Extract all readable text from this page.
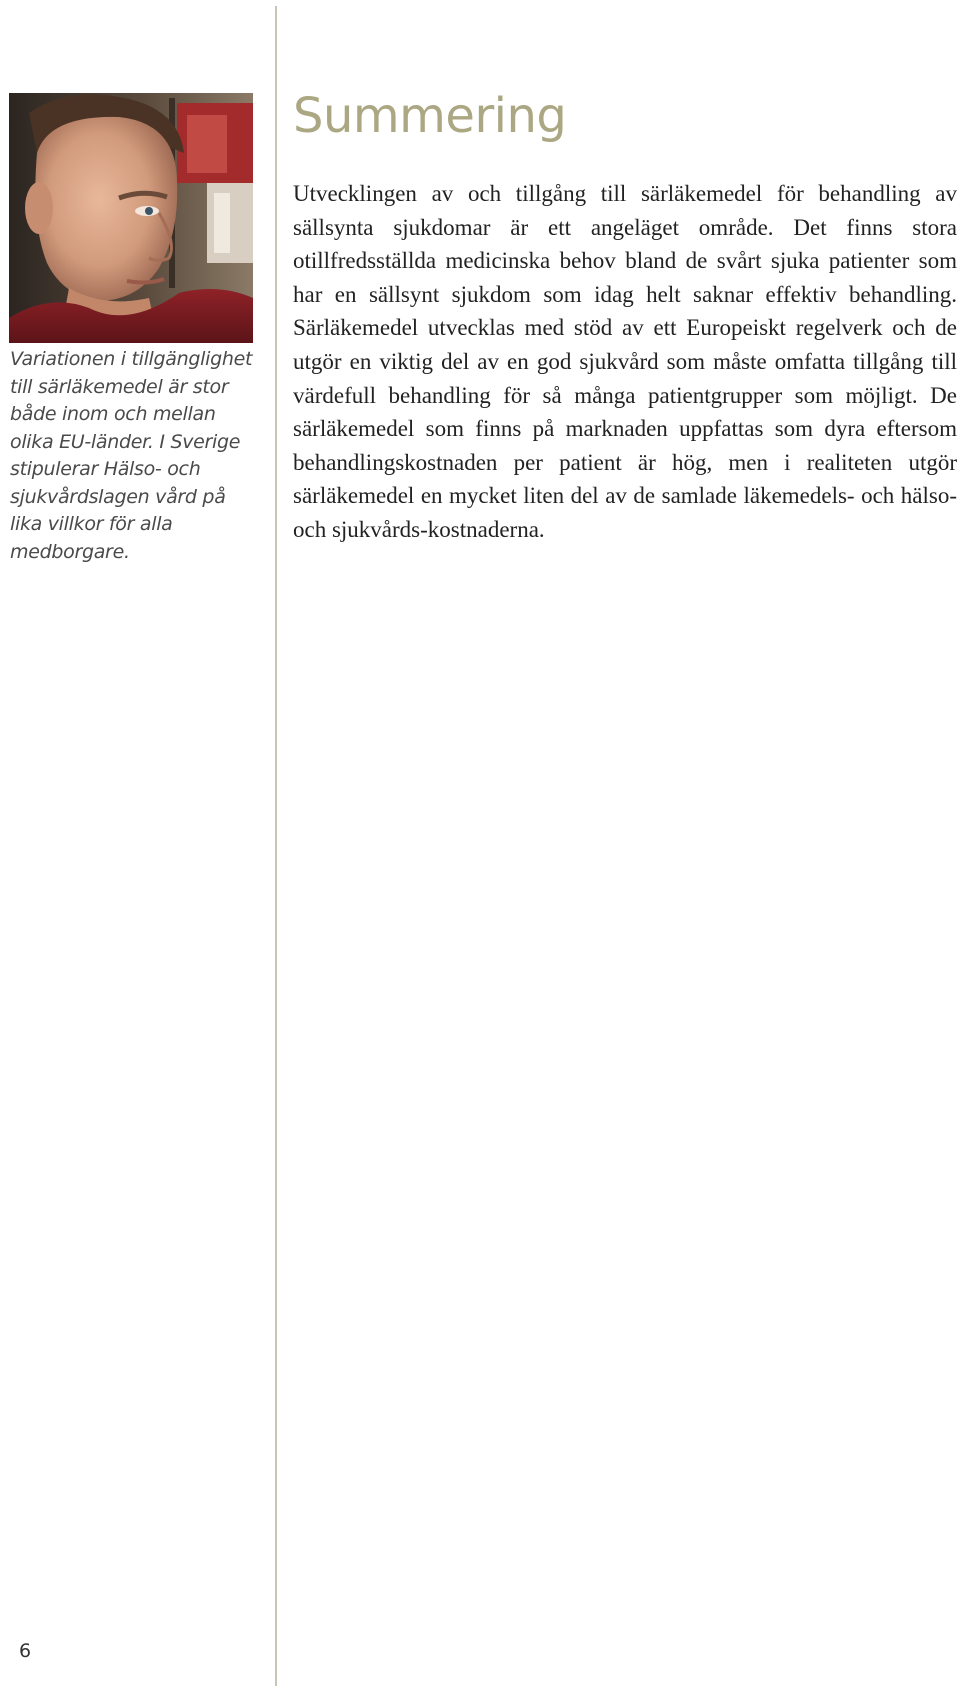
Variationen i tillgänglighet till särläkemedel är stor både inom och mellan olika EU-länder. I Sverige stipulerar Hälso- och sjukvårdslagen vård på lika villkor för alla medborgare.

Summering

Utvecklingen av och tillgång till särläkemedel för behandling av sällsynta sjukdomar är ett angeläget område. Det finns stora otillfredsställda medicinska behov bland de svårt sjuka patienter som har en sällsynt sjukdom som idag helt saknar effektiv behandling. Särläkemedel utvecklas med stöd av ett Europeiskt regelverk och de utgör en viktig del av en god sjukvård som måste omfatta tillgång till värdefull behandling för så många patientgrupper som möjligt. De särläkemedel som finns på marknaden uppfattas som dyra eftersom behandlingskostnaden per patient är hög, men i realiteten utgör särläkemedel en mycket liten del av de samlade läkemedels- och hälso- och sjukvårds-kostnaderna.

6
